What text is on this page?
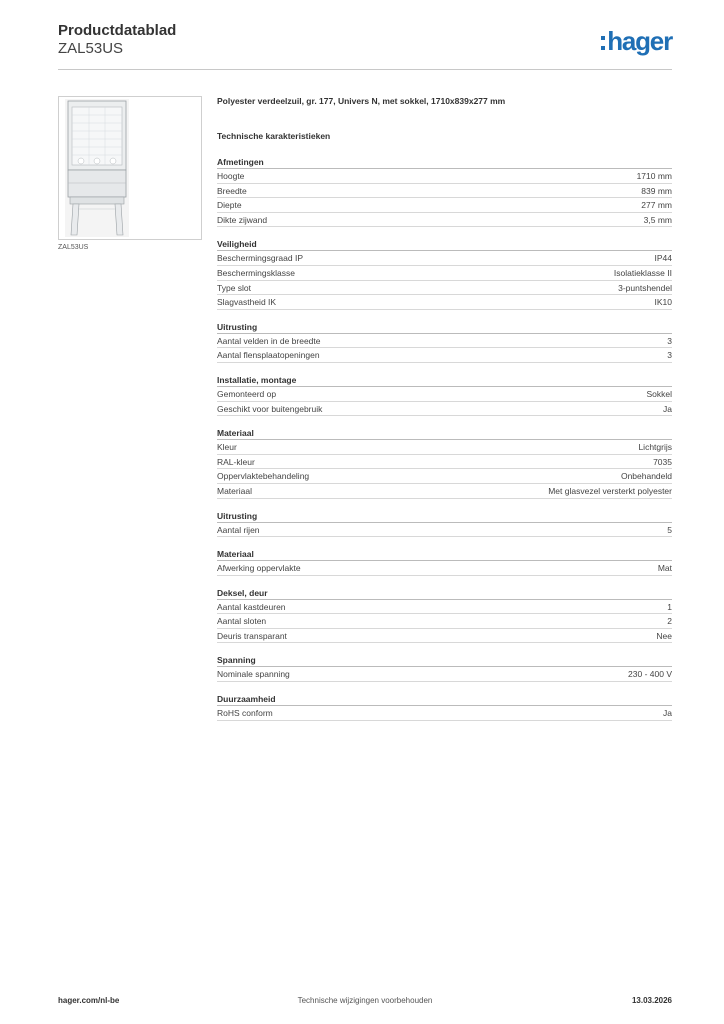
Productdatablad
ZAL53US	hager
ZAL53US
Polyester verdeelzuil, gr. 177, Univers N, met sokkel, 1710x839x277 mm
Technische karakteristieken
Afmetingen
Hoogte	1710 mm
Breedte	839 mm
Diepte	277 mm
Dikte zijwand	3,5 mm
Veiligheid
Beschermingsgraad IP	IP44
Beschermingsklasse	Isolatieklasse II
Type slot	3-puntshendel
Slagvastheid IK	IK10
Uitrusting
Aantal velden in de breedte	3
Aantal flensplaatopeningen	3
Installatie, montage
Gemonteerd op	Sokkel
Geschikt voor buitengebruik	Ja
Materiaal
Kleur	Lichtgrijs
RAL-kleur	7035
Oppervlaktebehandeling	Onbehandeld
Materiaal	Met glasvezel versterkt polyester
Uitrusting
Aantal rijen	5
Materiaal
Afwerking oppervlakte	Mat
Deksel, deur
Aantal kastdeuren	1
Aantal sloten	2
Deuris transparant	Nee
Spanning
Nominale spanning	230 - 400 V
Duurzaamheid
RoHS conform	Ja
hager.com/nl-be	Technische wijzigingen voorbehouden	13.03.2026
